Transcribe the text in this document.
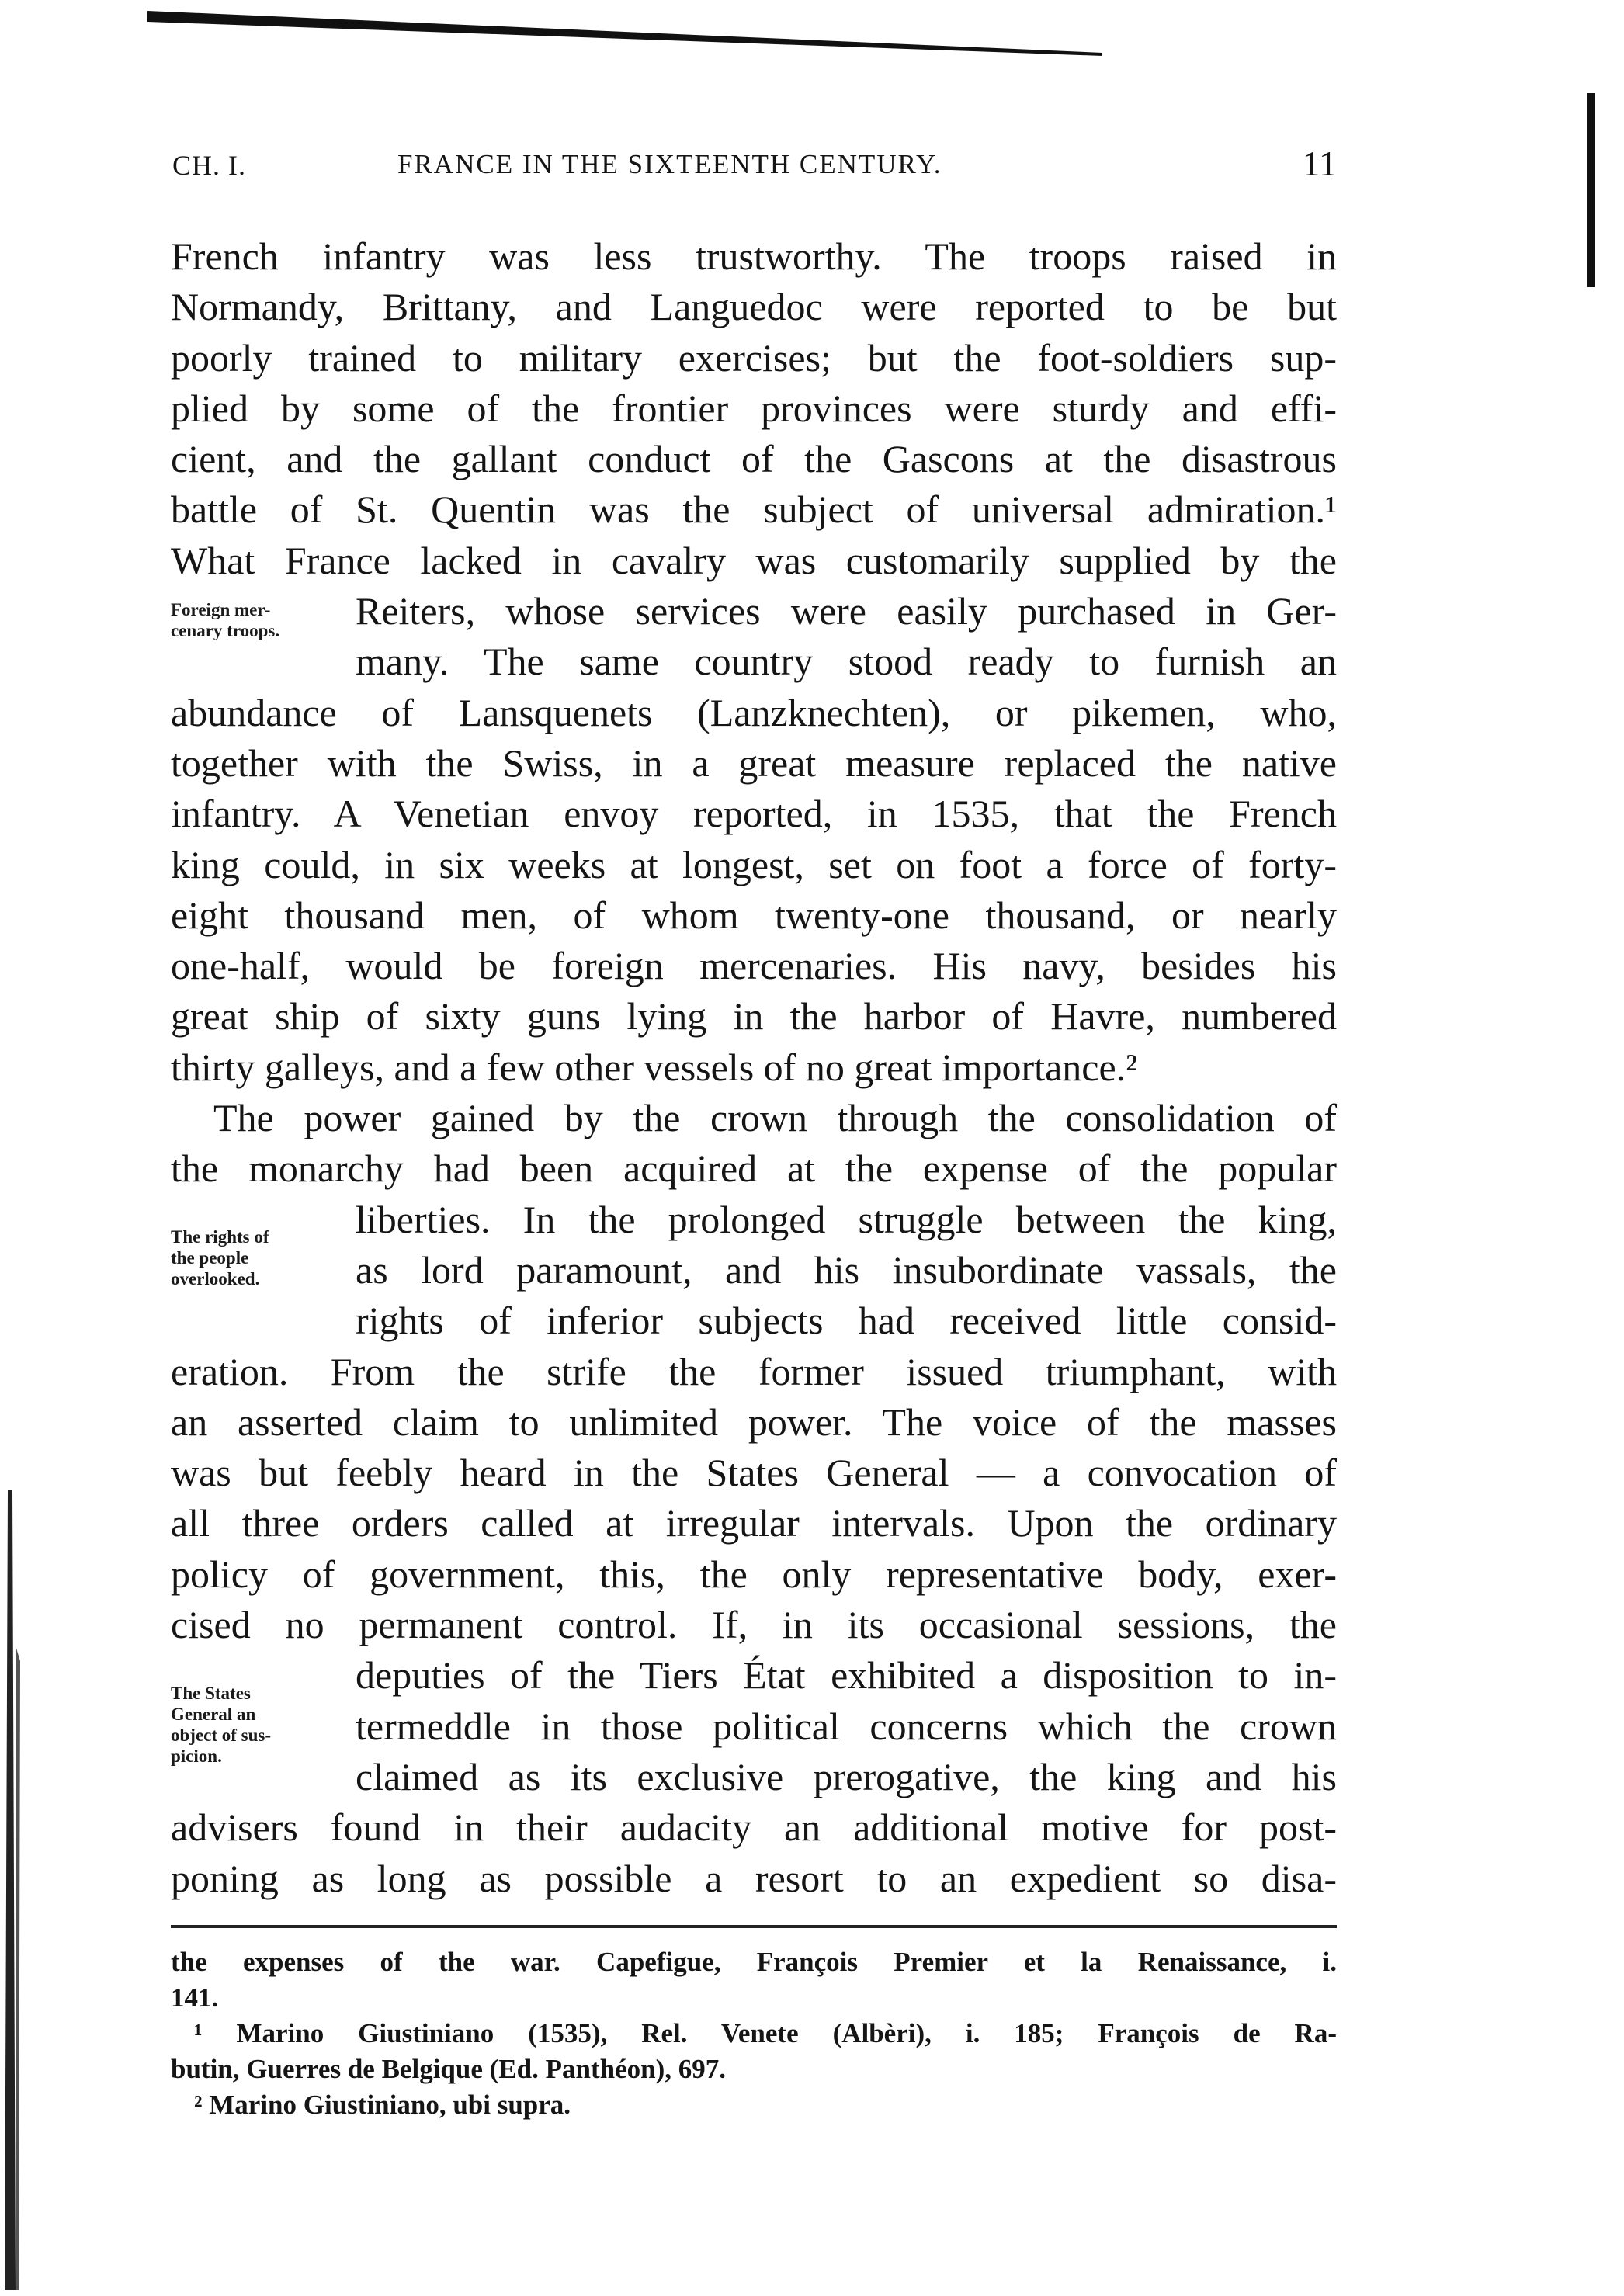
CH. I.	FRANCE IN THE SIXTEENTH CENTURY.	11
French infantry was less trustworthy. The troops raised in
Normandy, Brittany, and Languedoc were reported to be but
poorly trained to military exercises; but the foot-soldiers sup-
plied by some of the frontier provinces were sturdy and effi-
cient, and the gallant conduct of the Gascons at the disastrous
battle of St. Quentin was the subject of universal admiration.¹
What France lacked in cavalry was customarily supplied by the
Reiters, whose services were easily purchased in Ger-
many. The same country stood ready to furnish an
abundance of Lansquenets (Lanzknechten), or pikemen, who,
together with the Swiss, in a great measure replaced the native
infantry. A Venetian envoy reported, in 1535, that the French
king could, in six weeks at longest, set on foot a force of forty-
eight thousand men, of whom twenty-one thousand, or nearly
one-half, would be foreign mercenaries. His navy, besides his
great ship of sixty guns lying in the harbor of Havre, numbered
thirty galleys, and a few other vessels of no great importance.²
The power gained by the crown through the consolidation of
the monarchy had been acquired at the expense of the popular
liberties. In the prolonged struggle between the king,
as lord paramount, and his insubordinate vassals, the
rights of inferior subjects had received little consid-
eration. From the strife the former issued triumphant, with
an asserted claim to unlimited power. The voice of the masses
was but feebly heard in the States General — a convocation of
all three orders called at irregular intervals. Upon the ordinary
policy of government, this, the only representative body, exer-
cised no permanent control. If, in its occasional sessions, the
deputies of the Tiers État exhibited a disposition to in-
termeddle in those political concerns which the crown
claimed as its exclusive prerogative, the king and his
advisers found in their audacity an additional motive for post-
poning as long as possible a resort to an expedient so disa-
Foreign mer-
cenary troops.
The rights of
the people
overlooked.
The States
General an
object of sus-
picion.
the expenses of the war. Capefigue, François Premier et la Renaissance, i.
141.
¹ Marino Giustiniano (1535), Rel. Venete (Albèri), i. 185; François de Ra-
butin, Guerres de Belgique (Ed. Panthéon), 697.
² Marino Giustiniano, ubi supra.
